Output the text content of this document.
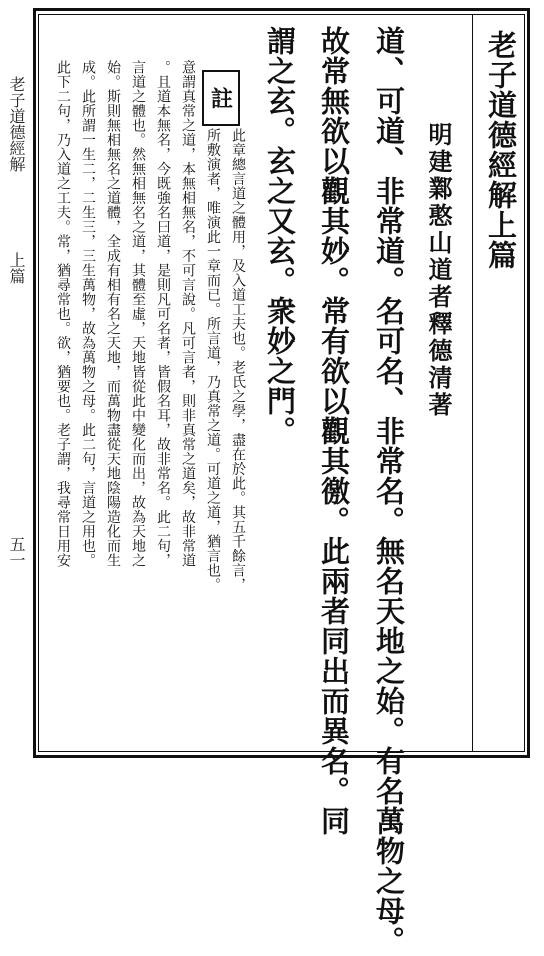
老子道德經解
上篇
五一
老子道德經解上篇
明建鄴憨山道者釋德清著
道、可道、非常道。名可名、非常名。無名天地之始。有名萬物之母。
故常無欲以觀其妙。常有欲以觀其徼。此兩者同出而異名。同
謂之玄。玄之又玄。衆妙之門。
註
此章總言道之體用，及入道工夫也。老氏之學，盡在於此。其五千餘言，
所敷演者，唯演此一章而已。所言道，乃真常之道。可道之道，猶言也。
意謂真常之道，本無相無名，不可言說。凡可言者，則非真常之道矣，故非常道
。且道本無名，今既強名曰道，是則凡可名者，皆假名耳，故非常名。此二句，
言道之體也。然無相無名之道，其體至虛，天地皆從此中變化而出，故為天地之
始。斯則無相無名之道體，全成有相有名之天地，而萬物盡從天地陰陽造化而生
成。此所謂一生二，二生三，三生萬物，故為萬物之母。此二句，言道之用也。
此下二句，乃入道之工夫。常，猶尋常也。欲，猶要也。老子謂，我尋常日用安
